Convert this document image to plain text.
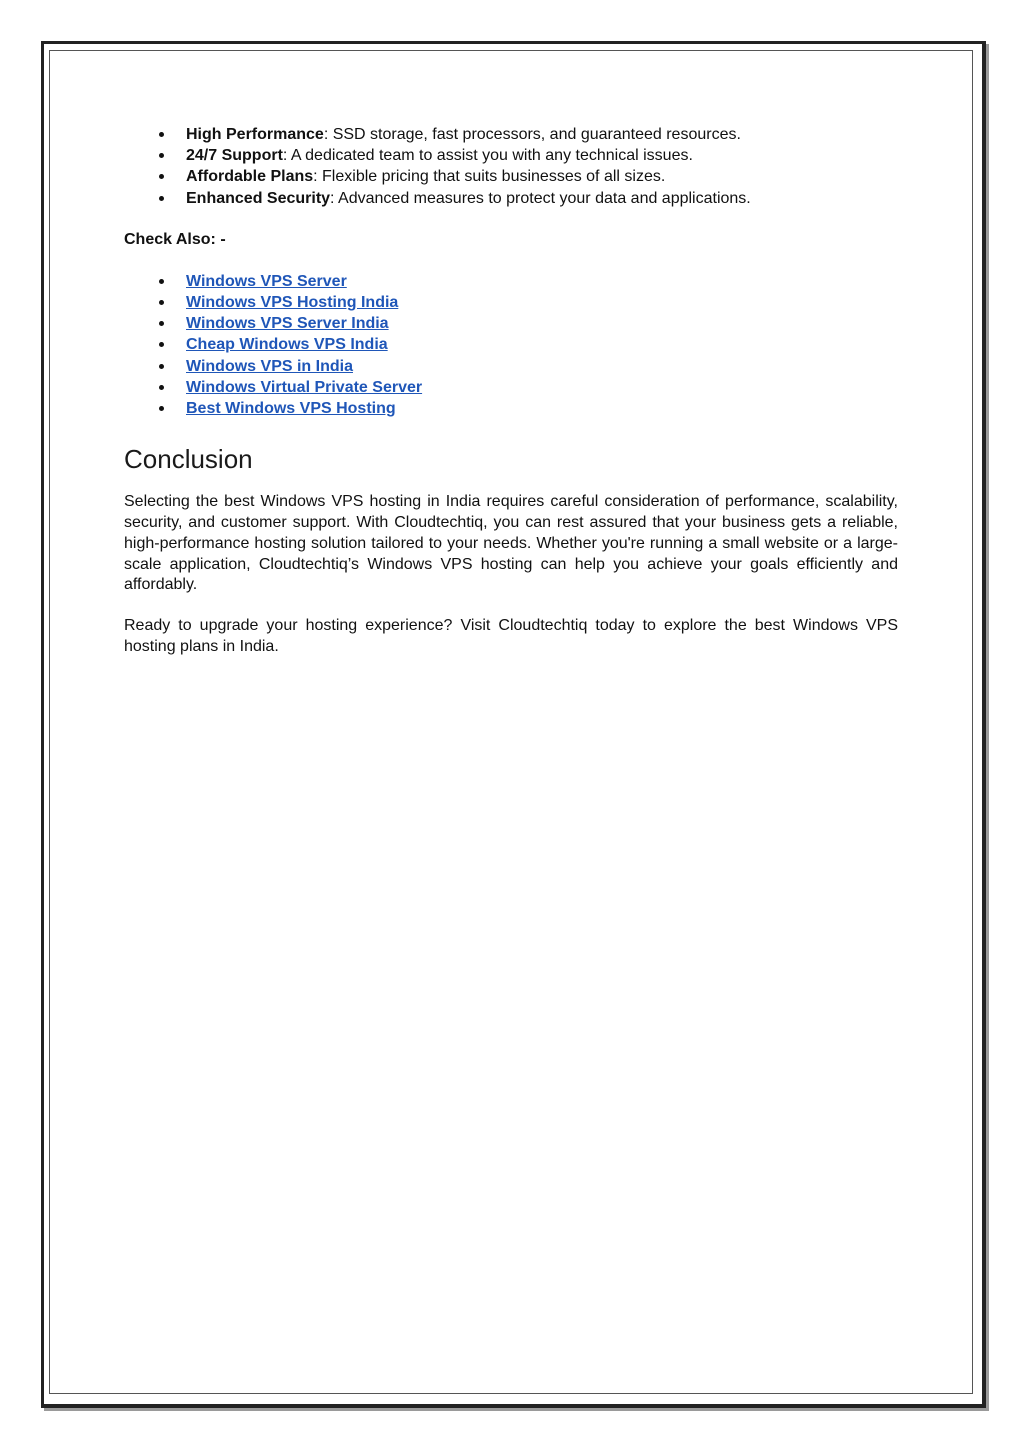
High Performance: SSD storage, fast processors, and guaranteed resources.
24/7 Support: A dedicated team to assist you with any technical issues.
Affordable Plans: Flexible pricing that suits businesses of all sizes.
Enhanced Security: Advanced measures to protect your data and applications.

Check Also: -

Windows VPS Server
Windows VPS Hosting India
Windows VPS Server India
Cheap Windows VPS India
Windows VPS in India
Windows Virtual Private Server
Best Windows VPS Hosting
Conclusion

Selecting the best Windows VPS hosting in India requires careful consideration of performance, scalability, security, and customer support. With Cloudtechtiq, you can rest assured that your business gets a reliable, high-performance hosting solution tailored to your needs. Whether you're running a small website or a large-scale application, Cloudtechtiq’s Windows VPS hosting can help you achieve your goals efficiently and affordably.

Ready to upgrade your hosting experience? Visit Cloudtechtiq today to explore the best Windows VPS hosting plans in India.
